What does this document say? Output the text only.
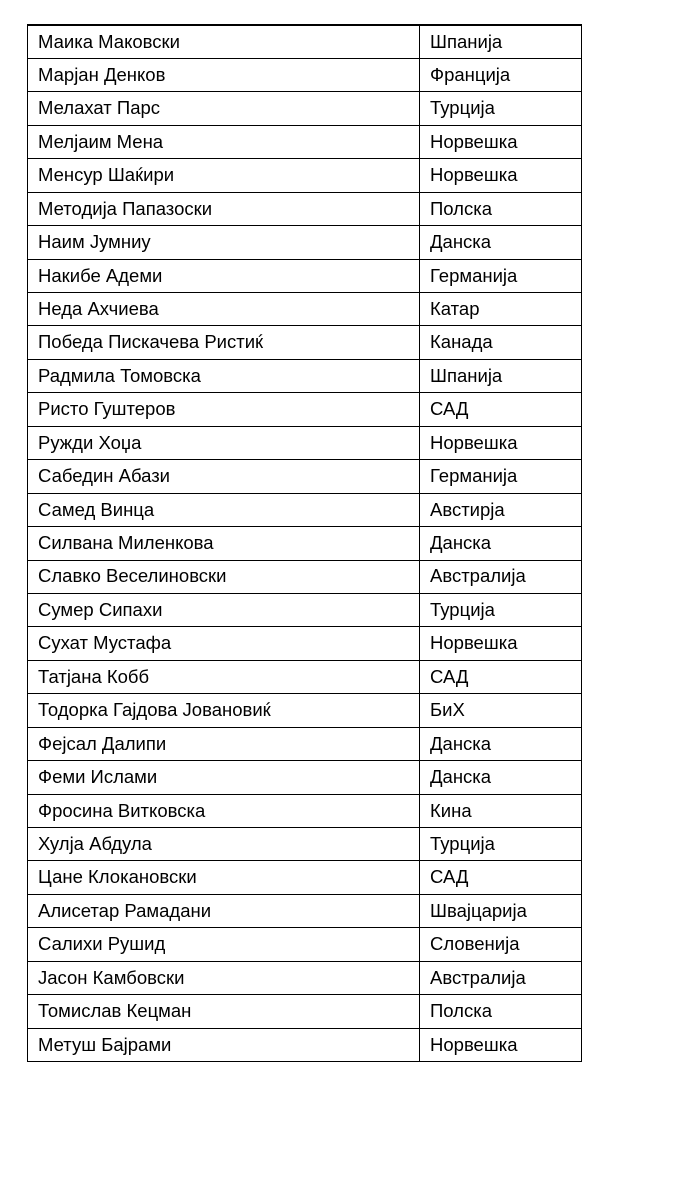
Маика Маковски	Шпанија
Марјан Денков	Франција
Мелахат Парс	Турција
Мелјаим Мена	Норвешка
Менсур Шаќири	Норвешка
Методија Папазоски	Полска
Наим Јумниу	Данска
Накибе Адеми	Германија
Неда Ахчиева	Катар
Победа Пискачева Ристиќ	Канада
Радмила Томовска	Шпанија
Ристо Гуштеров	САД
Ружди Хоџа	Норвешка
Сабедин Абази	Германија
Самед Винца	Австирја
Силвана Миленкова	Данска
Славко Веселиновски	Австралија
Сумер Сипахи	Турција
Сухат Мустафа	Норвешка
Татјана Кобб	САД
Тодорка Гајдова Јовановиќ	БиХ
Фејсал Далипи	Данска
Феми Ислами	Данска
Фросина Витковска	Кина
Хулја Абдула	Турција
Цане Клокановски	САД
Алисетар Рамадани	Швајцарија
Салихи Рушид	Словенија
Јасон Камбовски	Австралија
Томислав Кецман	Полска
Метуш Бајрами	Норвешка
